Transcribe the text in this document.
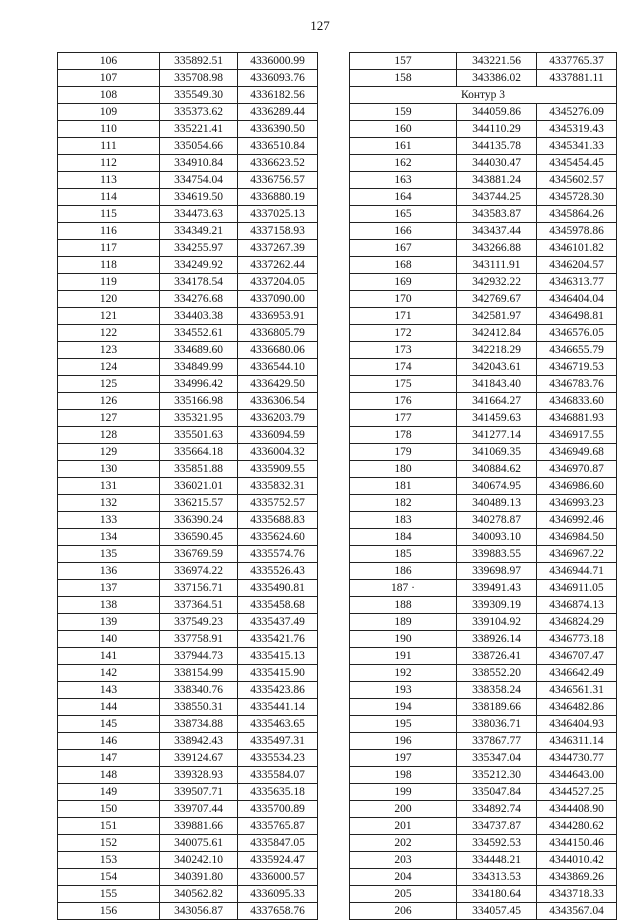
127
106	335892.51	4336000.99
107	335708.98	4336093.76
108	335549.30	4336182.56
109	335373.62	4336289.44
110	335221.41	4336390.50
111	335054.66	4336510.84
112	334910.84	4336623.52
113	334754.04	4336756.57
114	334619.50	4336880.19
115	334473.63	4337025.13
116	334349.21	4337158.93
117	334255.97	4337267.39
118	334249.92	4337262.44
119	334178.54	4337204.05
120	334276.68	4337090.00
121	334403.38	4336953.91
122	334552.61	4336805.79
123	334689.60	4336680.06
124	334849.99	4336544.10
125	334996.42	4336429.50
126	335166.98	4336306.54
127	335321.95	4336203.79
128	335501.63	4336094.59
129	335664.18	4336004.32
130	335851.88	4335909.55
131	336021.01	4335832.31
132	336215.57	4335752.57
133	336390.24	4335688.83
134	336590.45	4335624.60
135	336769.59	4335574.76
136	336974.22	4335526.43
137	337156.71	4335490.81
138	337364.51	4335458.68
139	337549.23	4335437.49
140	337758.91	4335421.76
141	337944.73	4335415.13
142	338154.99	4335415.90
143	338340.76	4335423.86
144	338550.31	4335441.14
145	338734.88	4335463.65
146	338942.43	4335497.31
147	339124.67	4335534.23
148	339328.93	4335584.07
149	339507.71	4335635.18
150	339707.44	4335700.89
151	339881.66	4335765.87
152	340075.61	4335847.05
153	340242.10	4335924.47
154	340391.80	4336000.57
155	340562.82	4336095.33
156	343056.87	4337658.76
157	343221.56	4337765.37
158	343386.02	4337881.11
Контур 3		
159	344059.86	4345276.09
160	344110.29	4345319.43
161	344135.78	4345341.33
162	344030.47	4345454.45
163	343881.24	4345602.57
164	343744.25	4345728.30
165	343583.87	4345864.26
166	343437.44	4345978.86
167	343266.88	4346101.82
168	343111.91	4346204.57
169	342932.22	4346313.77
170	342769.67	4346404.04
171	342581.97	4346498.81
172	342412.84	4346576.05
173	342218.29	4346655.79
174	342043.61	4346719.53
175	341843.40	4346783.76
176	341664.27	4346833.60
177	341459.63	4346881.93
178	341277.14	4346917.55
179	341069.35	4346949.68
180	340884.62	4346970.87
181	340674.95	4346986.60
182	340489.13	4346993.23
183	340278.87	4346992.46
184	340093.10	4346984.50
185	339883.55	4346967.22
186	339698.97	4346944.71
187 ·	339491.43	4346911.05
188	339309.19	4346874.13
189	339104.92	4346824.29
190	338926.14	4346773.18
191	338726.41	4346707.47
192	338552.20	4346642.49
193	338358.24	4346561.31
194	338189.66	4346482.86
195	338036.71	4346404.93
196	337867.77	4346311.14
197	335347.04	4344730.77
198	335212.30	4344643.00
199	335047.84	4344527.25
200	334892.74	4344408.90
201	334737.87	4344280.62
202	334592.53	4344150.46
203	334448.21	4344010.42
204	334313.53	4343869.26
205	334180.64	4343718.33
206	334057.45	4343567.04
